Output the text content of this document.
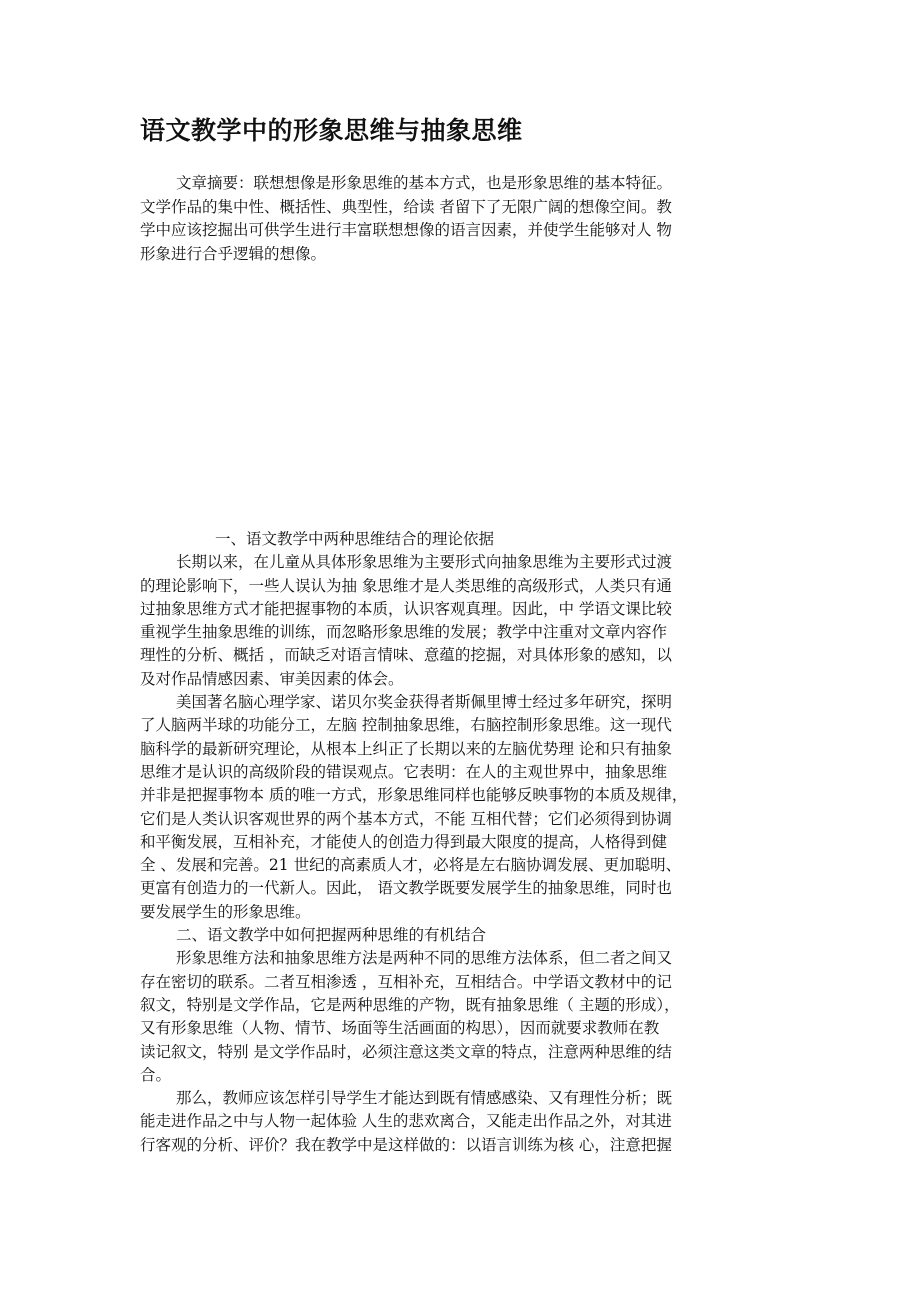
语文教学中的形象思维与抽象思维
文章摘要：联想想像是形象思维的基本方式，也是形象思维的基本特征。
文学作品的集中性、概括性、典型性，给读 者留下了无限广阔的想像空间。教
学中应该挖掘出可供学生进行丰富联想想像的语言因素，并使学生能够对人 物
形象进行合乎逻辑的想像。
一、语文教学中两种思维结合的理论依据
长期以来，在儿童从具体形象思维为主要形式向抽象思维为主要形式过渡
的理论影响下，一些人误认为抽 象思维才是人类思维的高级形式，人类只有通
过抽象思维方式才能把握事物的本质，认识客观真理。因此，中 学语文课比较
重视学生抽象思维的训练，而忽略形象思维的发展；教学中注重对文章内容作
理性的分析、概括 ，而缺乏对语言情味、意蕴的挖掘，对具体形象的感知，以
及对作品情感因素、审美因素的体会。
美国著名脑心理学家、诺贝尔奖金获得者斯佩里博士经过多年研究，探明
了人脑两半球的功能分工，左脑 控制抽象思维，右脑控制形象思维。这一现代
脑科学的最新研究理论，从根本上纠正了长期以来的左脑优势理 论和只有抽象
思维才是认识的高级阶段的错误观点。它表明：在人的主观世界中，抽象思维
并非是把握事物本 质的唯一方式，形象思维同样也能够反映事物的本质及规律，
它们是人类认识客观世界的两个基本方式，不能 互相代替；它们必须得到协调
和平衡发展，互相补充，才能使人的创造力得到最大限度的提高，人格得到健
全 、发展和完善。21 世纪的高素质人才，必将是左右脑协调发展、更加聪明、
更富有创造力的一代新人。因此， 语文教学既要发展学生的抽象思维，同时也
要发展学生的形象思维。
二、语文教学中如何把握两种思维的有机结合
形象思维方法和抽象思维方法是两种不同的思维方法体系，但二者之间又
存在密切的联系。二者互相渗透 ，互相补充，互相结合。中学语文教材中的记
叙文，特别是文学作品，它是两种思维的产物，既有抽象思维（ 主题的形成），
又有形象思维（人物、情节、场面等生活画面的构思），因而就要求教师在教
读记叙文，特别 是文学作品时，必须注意这类文章的特点，注意两种思维的结
合。
那么，教师应该怎样引导学生才能达到既有情感感染、又有理性分析；既
能走进作品之中与人物一起体验 人生的悲欢离合，又能走出作品之外，对其进
行客观的分析、评价？我在教学中是这样做的：以语言训练为核 心，注意把握
